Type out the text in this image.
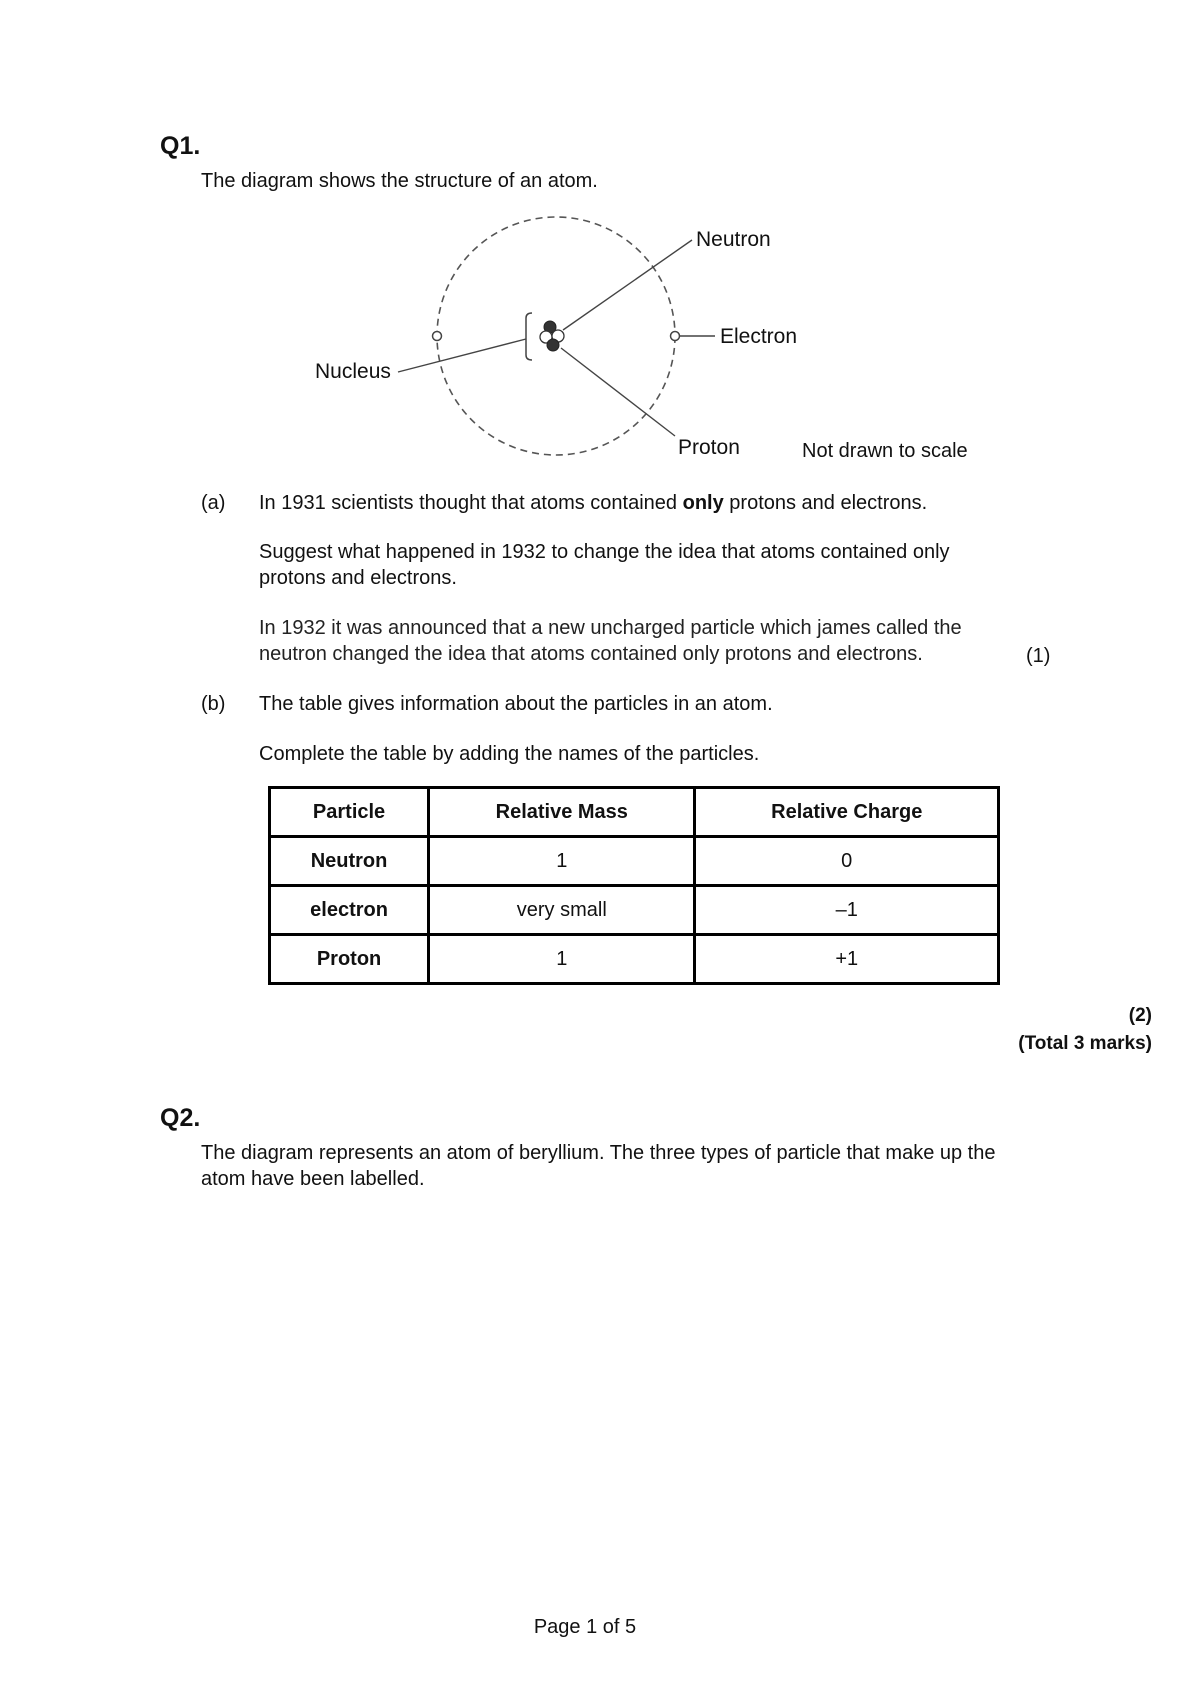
Q1.
The diagram shows the structure of an atom.
Neutron
Electron
Nucleus
Proton	Not drawn to scale
(a) In 1931 scientists thought that atoms contained only protons and electrons.
Suggest what happened in 1932 to change the idea that atoms contained only
protons and electrons.
In 1932 it was announced that a new uncharged particle which james called the
neutron changed the idea that atoms contained only protons and electrons.	(1)
(b) The table gives information about the particles in an atom.
Complete the table by adding the names of the particles.
Particle	Relative Mass	Relative Charge
Neutron	1	0
electron	very small	–1
Proton	1	+1
(2)
(Total 3 marks)
Q2.
The diagram represents an atom of beryllium. The three types of particle that make up the
atom have been labelled.
Page 1 of 5
